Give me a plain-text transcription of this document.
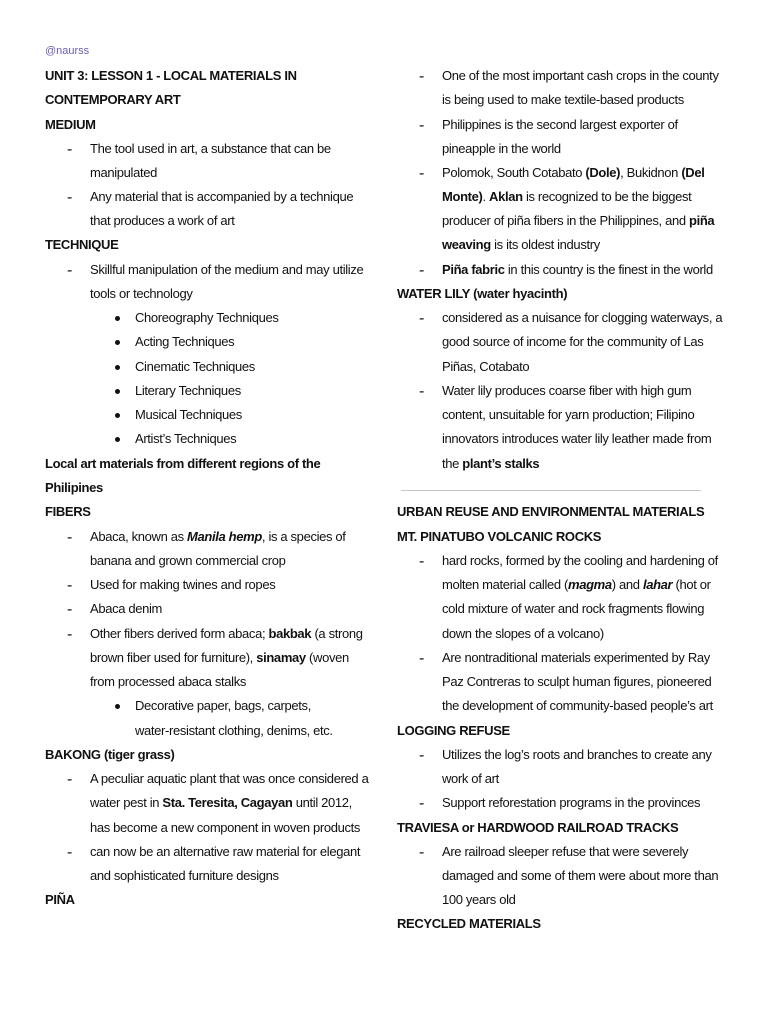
@naurss
UNIT 3: LESSON 1 - LOCAL MATERIALS IN
CONTEMPORARY ART
MEDIUM
- The tool used in art, a substance that can be
manipulated
- Any material that is accompanied by a technique
that produces a work of art
TECHNIQUE
- Skillful manipulation of the medium and may utilize
tools or technology
Choreography Techniques
Acting Techniques
Cinematic Techniques
Literary Techniques
Musical Techniques
Artist’s Techniques
Local art materials from different regions of the
Philipines
FIBERS
- Abaca, known as Manila hemp, is a species of
banana and grown commercial crop
- Used for making twines and ropes
- Abaca denim
- Other fibers derived form abaca; bakbak (a strong
brown fiber used for furniture), sinamay (woven
from processed abaca stalks
Decorative paper, bags, carpets,
water-resistant clothing, denims, etc.
BAKONG (tiger grass)
- A peculiar aquatic plant that was once considered a
water pest in Sta. Teresita, Cagayan until 2012,
has become a new component in woven products
- can now be an alternative raw material for elegant
and sophisticated furniture designs
PIÑA
- One of the most important cash crops in the county
is being used to make textile-based products
- Philippines is the second largest exporter of
pineapple in the world
- Polomok, South Cotabato (Dole), Bukidnon (Del
Monte). Aklan is recognized to be the biggest
producer of piña fibers in the Philippines, and piña
weaving is its oldest industry
- Piña fabric in this country is the finest in the world
WATER LILY (water hyacinth)
- considered as a nuisance for clogging waterways, a
good source of income for the community of Las
Piñas, Cotabato
- Water lily produces coarse fiber with high gum
content, unsuitable for yarn production; Filipino
innovators introduces water lily leather made from
the plant’s stalks
URBAN REUSE AND ENVIRONMENTAL MATERIALS
MT. PINATUBO VOLCANIC ROCKS
- hard rocks, formed by the cooling and hardening of
molten material called (magma) and lahar (hot or
cold mixture of water and rock fragments flowing
down the slopes of a volcano)
- Are nontraditional materials experimented by Ray
Paz Contreras to sculpt human figures, pioneered
the development of community-based people’s art
LOGGING REFUSE
- Utilizes the log’s roots and branches to create any
work of art
- Support reforestation programs in the provinces
TRAVIESA or HARDWOOD RAILROAD TRACKS
- Are railroad sleeper refuse that were severely
damaged and some of them were about more than
100 years old
RECYCLED MATERIALS
